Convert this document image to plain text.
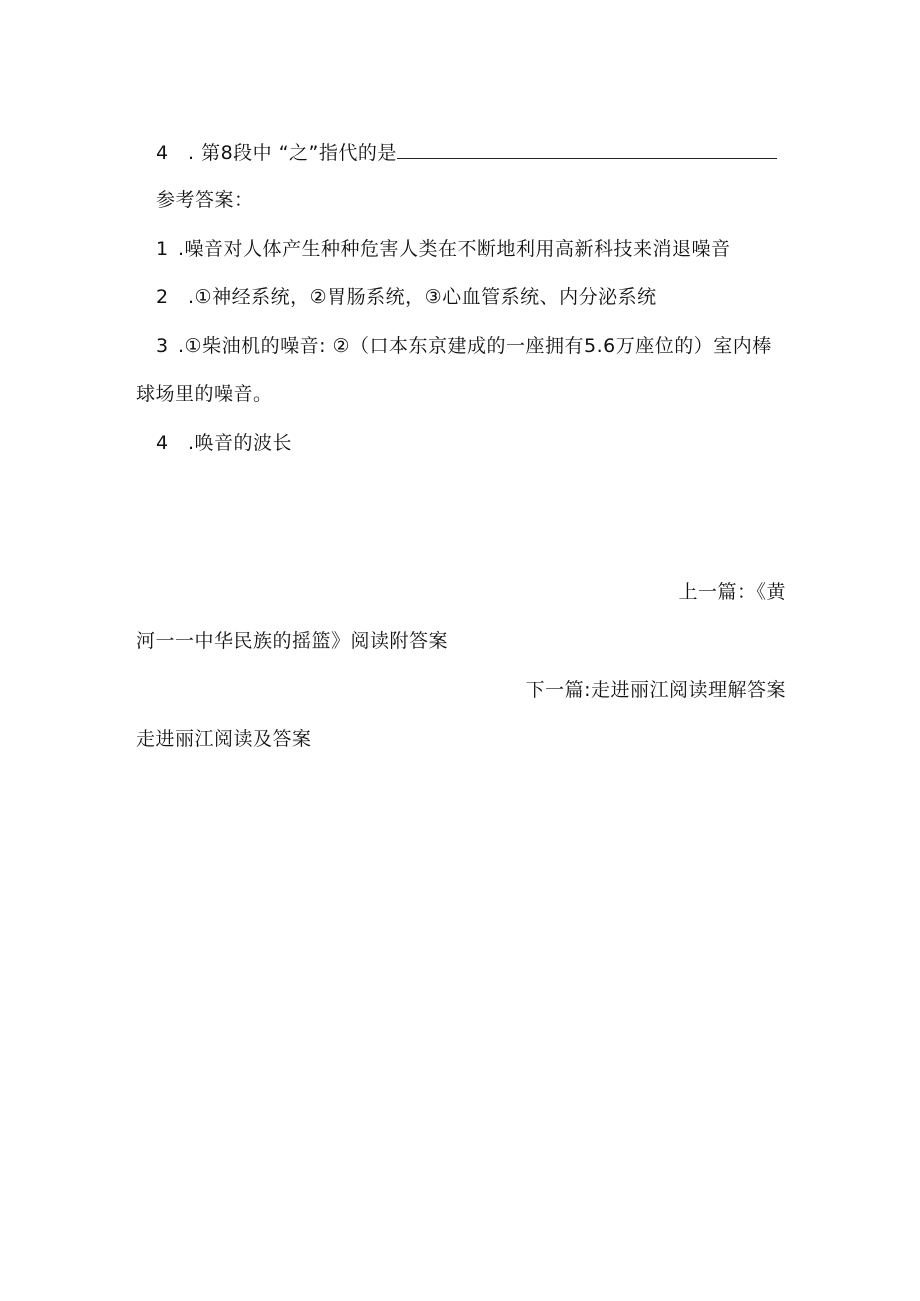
4 . 第8段中 “之”指代的是
参考答案：
1 .噪音对人体产生种种危害人类在不断地利用高新科技来消退噪音
2 .①神经系统，②胃肠系统，③心血管系统、内分泌系统
3 .①柴油机的噪音: ②（口本东京建成的一座拥有5.6万座位的）室内棒
球场里的噪音。
4 .唤音的波长
上一篇：《黄
河一一中华民族的摇篮》阅读附答案
下一篇:走进丽江阅读理解答案
走进丽江阅读及答案
